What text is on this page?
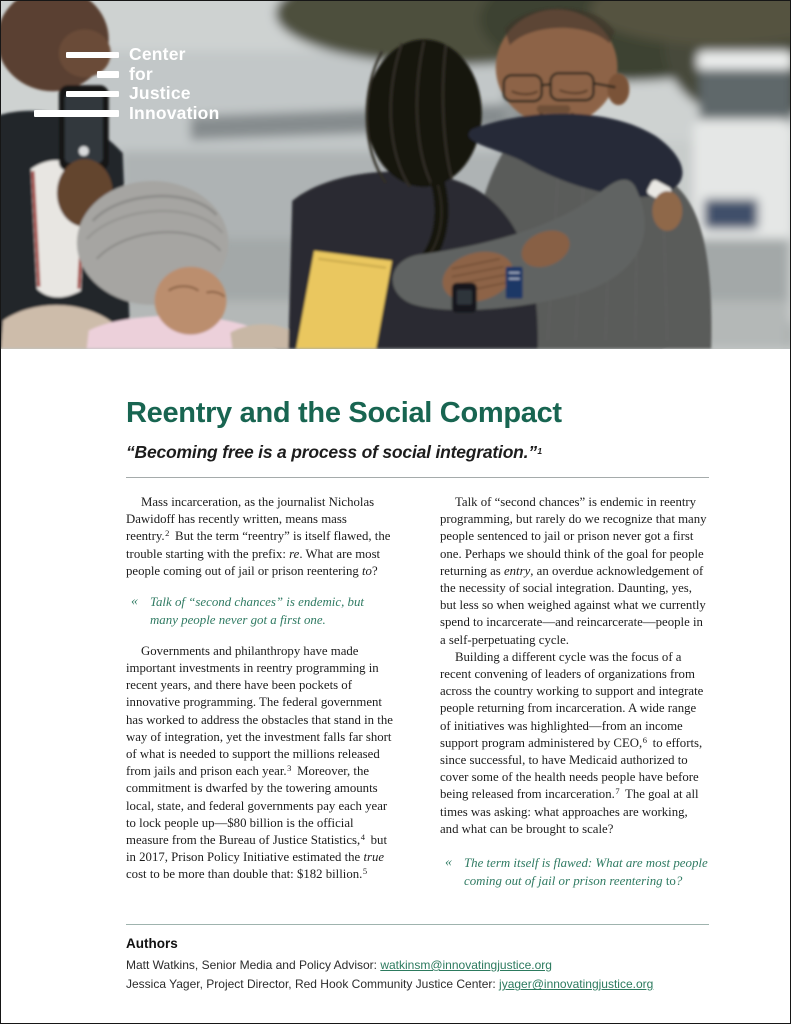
Center
for
Justice
Innovation
Reentry and the Social Compact

“Becoming free is a process of social integration.”$^1$

Mass incarceration, as the journalist Nicholas Dawidoff has recently written, means mass reentry.$^2$ But the term “reentry” is itself flawed, the trouble starting with the prefix: re. What are most people coming out of jail or prison reentering to?

« Talk of “second chances” is endemic, but many people never got a first one.

Governments and philanthropy have made important investments in reentry programming in recent years, and there have been pockets of innovative programming. The federal government has worked to address the obstacles that stand in the way of integration, yet the investment falls far short of what is needed to support the millions released from jails and prison each year.$^3$ Moreover, the commitment is dwarfed by the towering amounts local, state, and federal governments pay each year to lock people up—$80 billion is the official measure from the Bureau of Justice Statistics,$^4$ but in 2017, Prison Policy Initiative estimated the true cost to be more than double that: $182 billion.$^5$

Talk of “second chances” is endemic in reentry programming, but rarely do we recognize that many people sentenced to jail or prison never got a first one. Perhaps we should think of the goal for people returning as entry, an overdue acknowledgement of the necessity of social integration. Daunting, yes, but less so when weighed against what we currently spend to incarcerate—and reincarcerate—people in a self-perpetuating cycle.

Building a different cycle was the focus of a recent convening of leaders of organizations from across the country working to support and integrate people returning from incarceration. A wide range of initiatives was highlighted—from an income support program administered by CEO,$^6$ to efforts, since successful, to have Medicaid authorized to cover some of the health needs people have before being released from incarceration.$^7$ The goal at all times was asking: what approaches are working, and what can be brought to scale?

« The term itself is flawed: What are most people coming out of jail or prison reentering to?
Authors

Matt Watkins, Senior Media and Policy Advisor: watkinsm@innovatingjustice.org

Jessica Yager, Project Director, Red Hook Community Justice Center: jyager@innovatingjustice.org
